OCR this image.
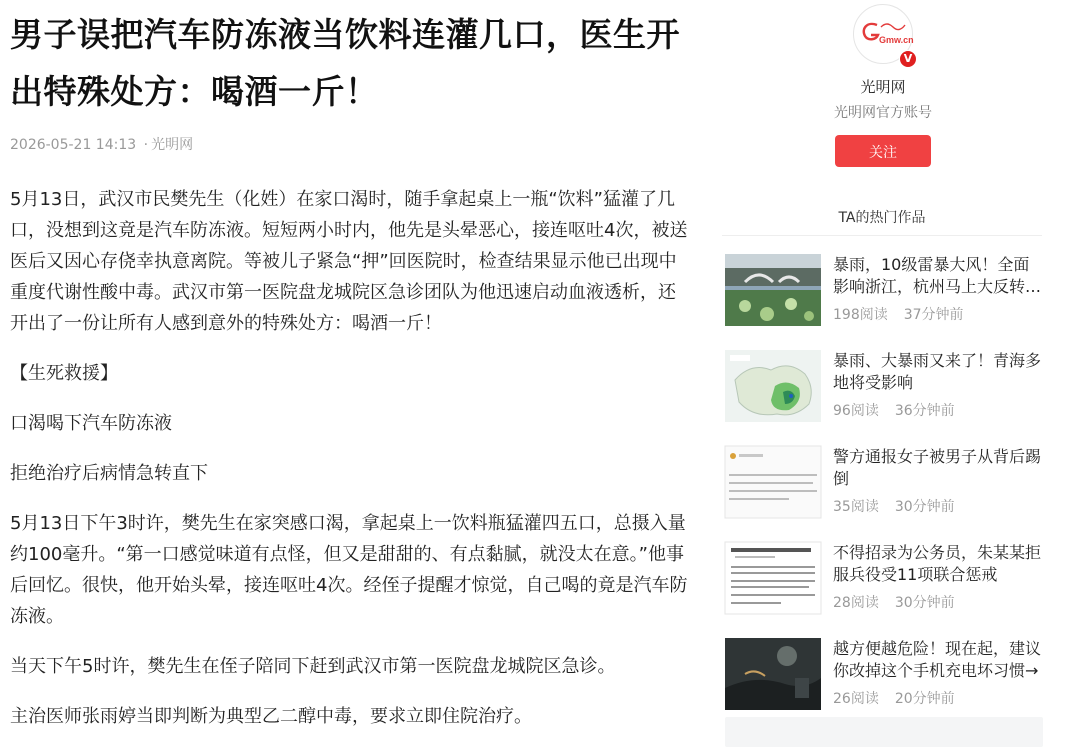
男子误把汽车防冻液当饮料连灌几口，医生开出特殊处方：喝酒一斤！
2026-05-21 14:13 · 光明网

5月13日，武汉市民樊先生（化姓）在家口渴时，随手拿起桌上一瓶“饮料”猛灌了几口，没想到这竟是汽车防冻液。短短两小时内，他先是头晕恶心，接连呕吐4次，被送医后又因心存侥幸执意离院。等被儿子紧急“押”回医院时，检查结果显示他已出现中重度代谢性酸中毒。武汉市第一医院盘龙城院区急诊团队为他迅速启动血液透析，还开出了一份让所有人感到意外的特殊处方：喝酒一斤！

【生死救援】

口渴喝下汽车防冻液

拒绝治疗后病情急转直下

5月13日下午3时许，樊先生在家突感口渴，拿起桌上一饮料瓶猛灌四五口，总摄入量约100毫升。“第一口感觉味道有点怪，但又是甜甜的、有点黏腻，就没太在意。”他事后回忆。很快，他开始头晕，接连呕吐4次。经侄子提醒才惊觉，自己喝的竟是汽车防冻液。

当天下午5时许，樊先生在侄子陪同下赶到武汉市第一医院盘龙城院区急诊。

主治医师张雨婷当即判断为典型乙二醇中毒，要求立即住院治疗。

Gmw.cn
V
光明网
光明网官方账号
关注
TA的热门作品
暴雨，10级雷暴大风！全面影响浙江，杭州马上大反转…
198阅读 37分钟前
暴雨、大暴雨又来了！青海多地将受影响
96阅读 36分钟前
警方通报女子被男子从背后踢倒
35阅读 30分钟前
不得招录为公务员，朱某某拒服兵役受11项联合惩戒
28阅读 30分钟前
越方便越危险！现在起，建议你改掉这个手机充电坏习惯→
26阅读 20分钟前
